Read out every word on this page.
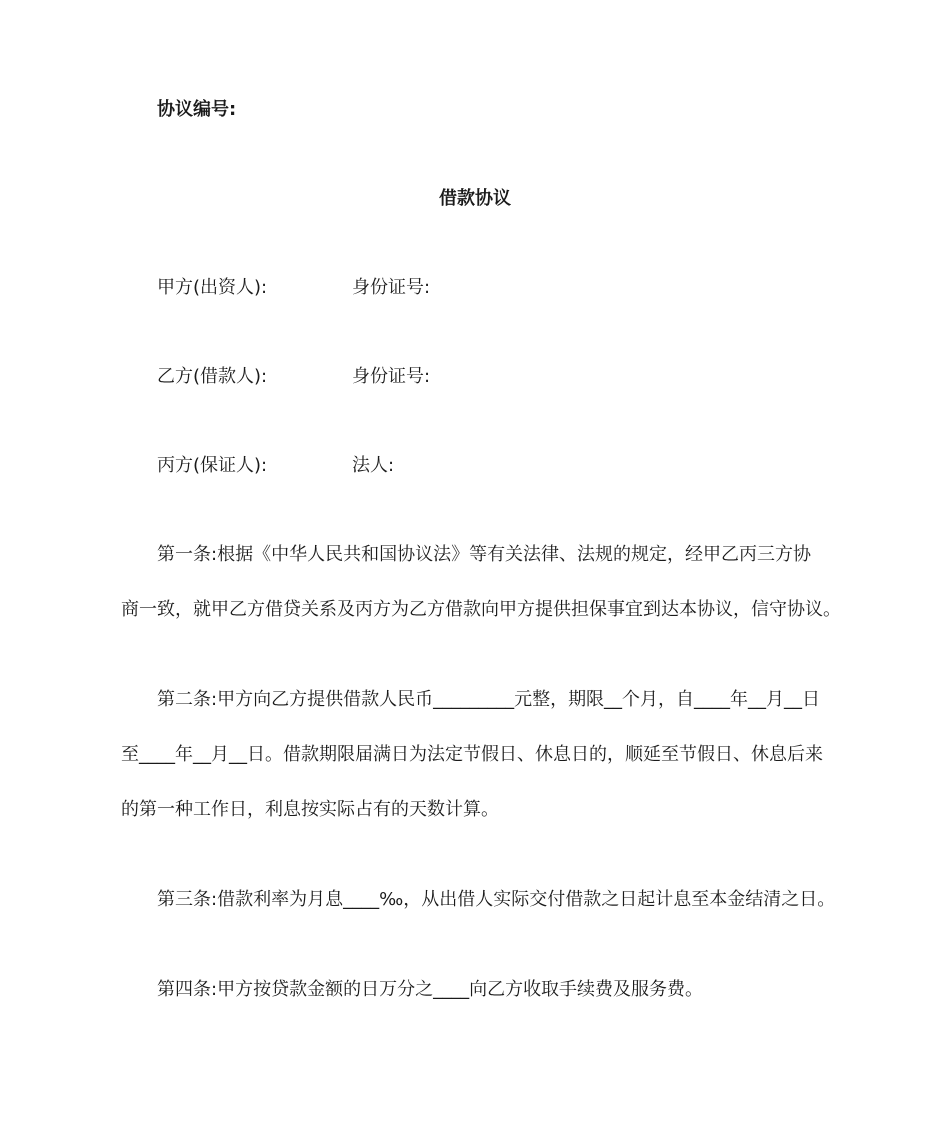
协议编号:
借款协议
甲方(出资人):	身份证号:
乙方(借款人):	身份证号:
丙方(保证人):	法人:
第一条:根据《中华人民共和国协议法》等有关法律、法规的规定，经甲乙丙三方协
商一致，就甲乙方借贷关系及丙方为乙方借款向甲方提供担保事宜到达本协议，信守协议。
第二条:甲方向乙方提供借款人民币_________元整，期限__个月，自____年__月__日
至____年__月__日。借款期限届满日为法定节假日、休息日的，顺延至节假日、休息后来
的第一种工作日，利息按实际占有的天数计算。
第三条:借款利率为月息____‰，从出借人实际交付借款之日起计息至本金结清之日。
第四条:甲方按贷款金额的日万分之____向乙方收取手续费及服务费。
